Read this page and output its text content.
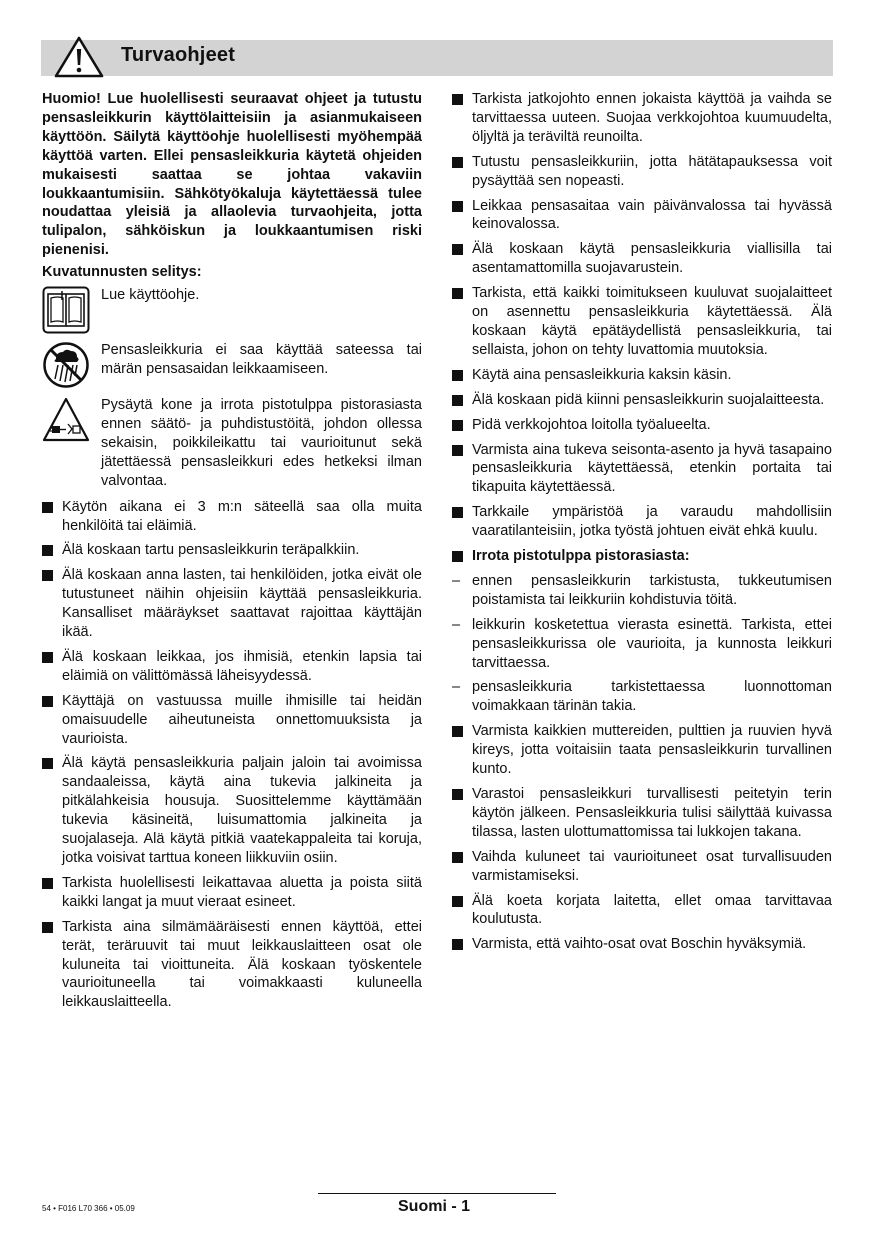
Turvaohjeet

Huomio! Lue huolellisesti seuraavat ohjeet ja tutustu pensasleikkurin käyttölaitteisiin ja asianmukaiseen käyttöön. Säilytä käyttöohje huolellisesti myöhempää käyttöä varten. Ellei pensasleikkuria käytetä ohjeiden mukaisesti saattaa se johtaa vakaviin loukkaantumisiin. Sähkötyökaluja käytettäessä tulee noudattaa yleisiä ja allaolevia turvaohjeita, jotta tulipalon, sähköiskun ja loukkaantumisen riski pienenisi.

Kuvatunnusten selitys:

Lue käyttöohje.
Pensasleikkuria ei saa käyttää sateessa tai märän pensasaidan leikkaamiseen.
Pysäytä kone ja irrota pistotulppa pistorasiasta ennen säätö- ja puhdistustöitä, johdon ollessa sekaisin, poikkileikattu tai vaurioitunut sekä jätettäessä pensasleikkuri edes hetkeksi ilman valvontaa.
Käytön aikana ei 3 m:n säteellä saa olla muita henkilöitä tai eläimiä.
Älä koskaan tartu pensasleikkurin teräpalkkiin.
Älä koskaan anna lasten, tai henkilöiden, jotka eivät ole tutustuneet näihin ohjeisiin käyttää pensasleikkuria. Kansalliset määräykset saattavat rajoittaa käyttäjän ikää.
Älä koskaan leikkaa, jos ihmisiä, etenkin lapsia tai eläimiä on välittömässä läheisyydessä.
Käyttäjä on vastuussa muille ihmisille tai heidän omaisuudelle aiheutuneista onnettomuuksista ja vaurioista.
Älä käytä pensasleikkuria paljain jaloin tai avoimissa sandaaleissa, käytä aina tukevia jalkineita ja pitkälahkeisia housuja. Suosittelemme käyttämään tukevia käsineitä, luisumattomia jalkineita ja suojalaseja. Alä käytä pitkiä vaatekappaleita tai koruja, jotka voisivat tarttua koneen liikkuviin osiin.
Tarkista huolellisesti leikattavaa aluetta ja poista siitä kaikki langat ja muut vieraat esineet.
Tarkista aina silmämääräisesti ennen käyttöä, ettei terät, teräruuvit tai muut leikkauslaitteen osat ole kuluneita tai vioittuneita. Älä koskaan työskentele vaurioituneella tai voimakkaasti kuluneella leikkauslaitteella.
Tarkista jatkojohto ennen jokaista käyttöä ja vaihda se tarvittaessa uuteen. Suojaa verkkojohtoa kuumuudelta, öljyltä ja teräviltä reunoilta.
Tutustu pensasleikkuriin, jotta hätätapauksessa voit pysäyttää sen nopeasti.
Leikkaa pensasaitaa vain päivänvalossa tai hyvässä keinovalossa.
Älä koskaan käytä pensasleikkuria viallisilla tai asentamattomilla suojavarustein.
Tarkista, että kaikki toimitukseen kuuluvat suojalaitteet on asennettu pensasleikkuria käytettäessä. Älä koskaan käytä epätäydellistä pensasleikkuria, tai sellaista, johon on tehty luvattomia muutoksia.
Käytä aina pensasleikkuria kaksin käsin.
Älä koskaan pidä kiinni pensasleikkurin suojalaitteesta.
Pidä verkkojohtoa loitolla työalueelta.
Varmista aina tukeva seisonta-asento ja hyvä tasapaino pensasleikkuria käytettäessä, etenkin portaita tai tikapuita käytettäessä.
Tarkkaile ympäristöä ja varaudu mahdollisiin vaaratilanteisiin, jotka työstä johtuen eivät ehkä kuulu.
Irrota pistotulppa pistorasiasta:
– ennen pensasleikkurin tarkistusta, tukkeutumisen poistamista tai leikkuriin kohdistuvia töitä.
– leikkurin kosketettua vierasta esinettä. Tarkista, ettei pensasleikkurissa ole vaurioita, ja kunnosta leikkuri tarvittaessa.
– pensasleikkuria tarkistettaessa luonnottoman voimakkaan tärinän takia.
Varmista kaikkien muttereiden, pulttien ja ruuvien hyvä kireys, jotta voitaisiin taata pensasleikkurin turvallinen kunto.
Varastoi pensasleikkuri turvallisesti peitetyin terin käytön jälkeen. Pensasleikkuria tulisi säilyttää kuivassa tilassa, lasten ulottumattomissa tai lukkojen takana.
Vaihda kuluneet tai vaurioituneet osat turvallisuuden varmistamiseksi.
Älä koeta korjata laitetta, ellet omaa tarvittavaa koulutusta.
Varmista, että vaihto-osat ovat Boschin hyväksymiä.
54 • F016 L70 366 • 05.09	Suomi - 1
